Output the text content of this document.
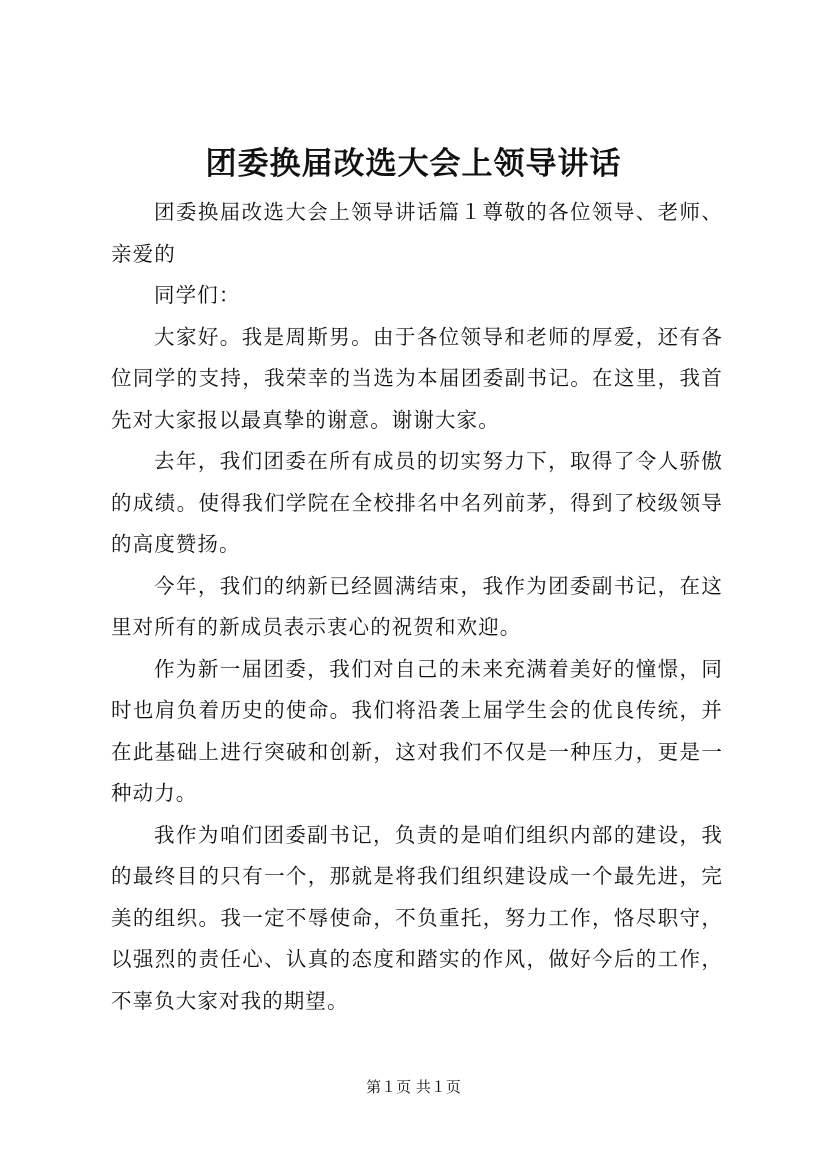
团委换届改选大会上领导讲话

团委换届改选大会上领导讲话篇１尊敬的各位领导、老师、亲爱的

同学们：

大家好。我是周斯男。由于各位领导和老师的厚爱，还有各位同学的支持，我荣幸的当选为本届团委副书记。在这里，我首先对大家报以最真挚的谢意。谢谢大家。

去年，我们团委在所有成员的切实努力下，取得了令人骄傲的成绩。使得我们学院在全校排名中名列前茅，得到了校级领导的高度赞扬。

今年，我们的纳新已经圆满结束，我作为团委副书记，在这里对所有的新成员表示衷心的祝贺和欢迎。

作为新一届团委，我们对自己的未来充满着美好的憧憬，同时也肩负着历史的使命。我们将沿袭上届学生会的优良传统，并在此基础上进行突破和创新，这对我们不仅是一种压力，更是一种动力。

我作为咱们团委副书记，负责的是咱们组织内部的建设，我的最终目的只有一个，那就是将我们组织建设成一个最先进，完美的组织。我一定不辱使命，不负重托，努力工作，恪尽职守，以强烈的责任心、认真的态度和踏实的作风，做好今后的工作，不辜负大家对我的期望。

第１页 共１页
